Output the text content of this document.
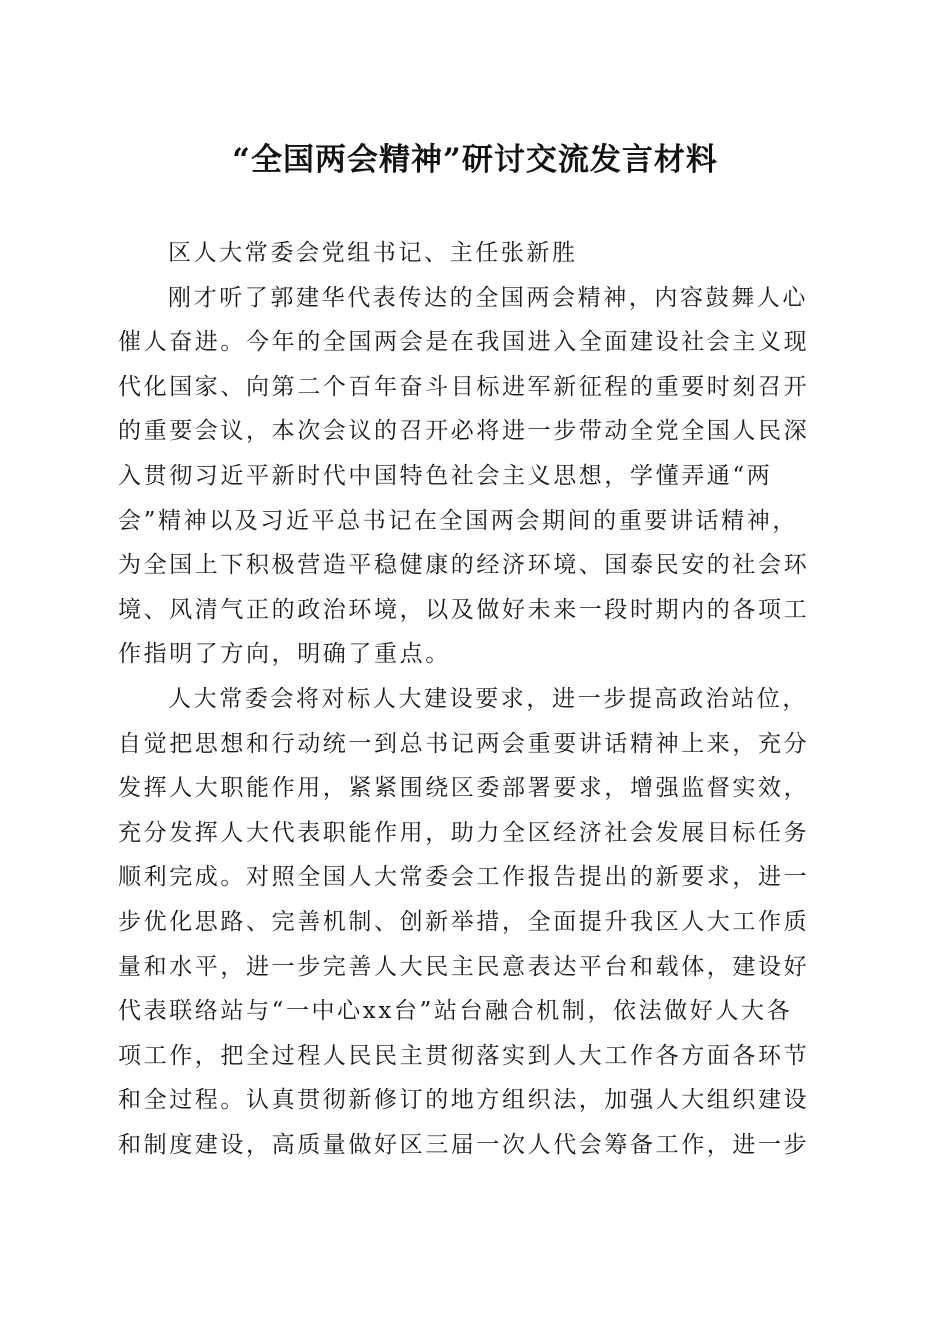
“全国两会精神”研讨交流发言材料
区人大常委会党组书记、主任张新胜
刚才听了郭建华代表传达的全国两会精神，内容鼓舞人心
催人奋进。今年的全国两会是在我国进入全面建设社会主义现
代化国家、向第二个百年奋斗目标进军新征程的重要时刻召开
的重要会议，本次会议的召开必将进一步带动全党全国人民深
入贯彻习近平新时代中国特色社会主义思想，学懂弄通“两
会”精神以及习近平总书记在全国两会期间的重要讲话精神，
为全国上下积极营造平稳健康的经济环境、国泰民安的社会环
境、风清气正的政治环境，以及做好未来一段时期内的各项工
作指明了方向，明确了重点。
人大常委会将对标人大建设要求，进一步提高政治站位，
自觉把思想和行动统一到总书记两会重要讲话精神上来，充分
发挥人大职能作用，紧紧围绕区委部署要求，增强监督实效，
充分发挥人大代表职能作用，助力全区经济社会发展目标任务
顺利完成。对照全国人大常委会工作报告提出的新要求，进一
步优化思路、完善机制、创新举措，全面提升我区人大工作质
量和水平，进一步完善人大民主民意表达平台和载体，建设好
代表联络站与“一中心xx台”站台融合机制，依法做好人大各
项工作，把全过程人民民主贯彻落实到人大工作各方面各环节
和全过程。认真贯彻新修订的地方组织法，加强人大组织建设
和制度建设，高质量做好区三届一次人代会筹备工作，进一步
